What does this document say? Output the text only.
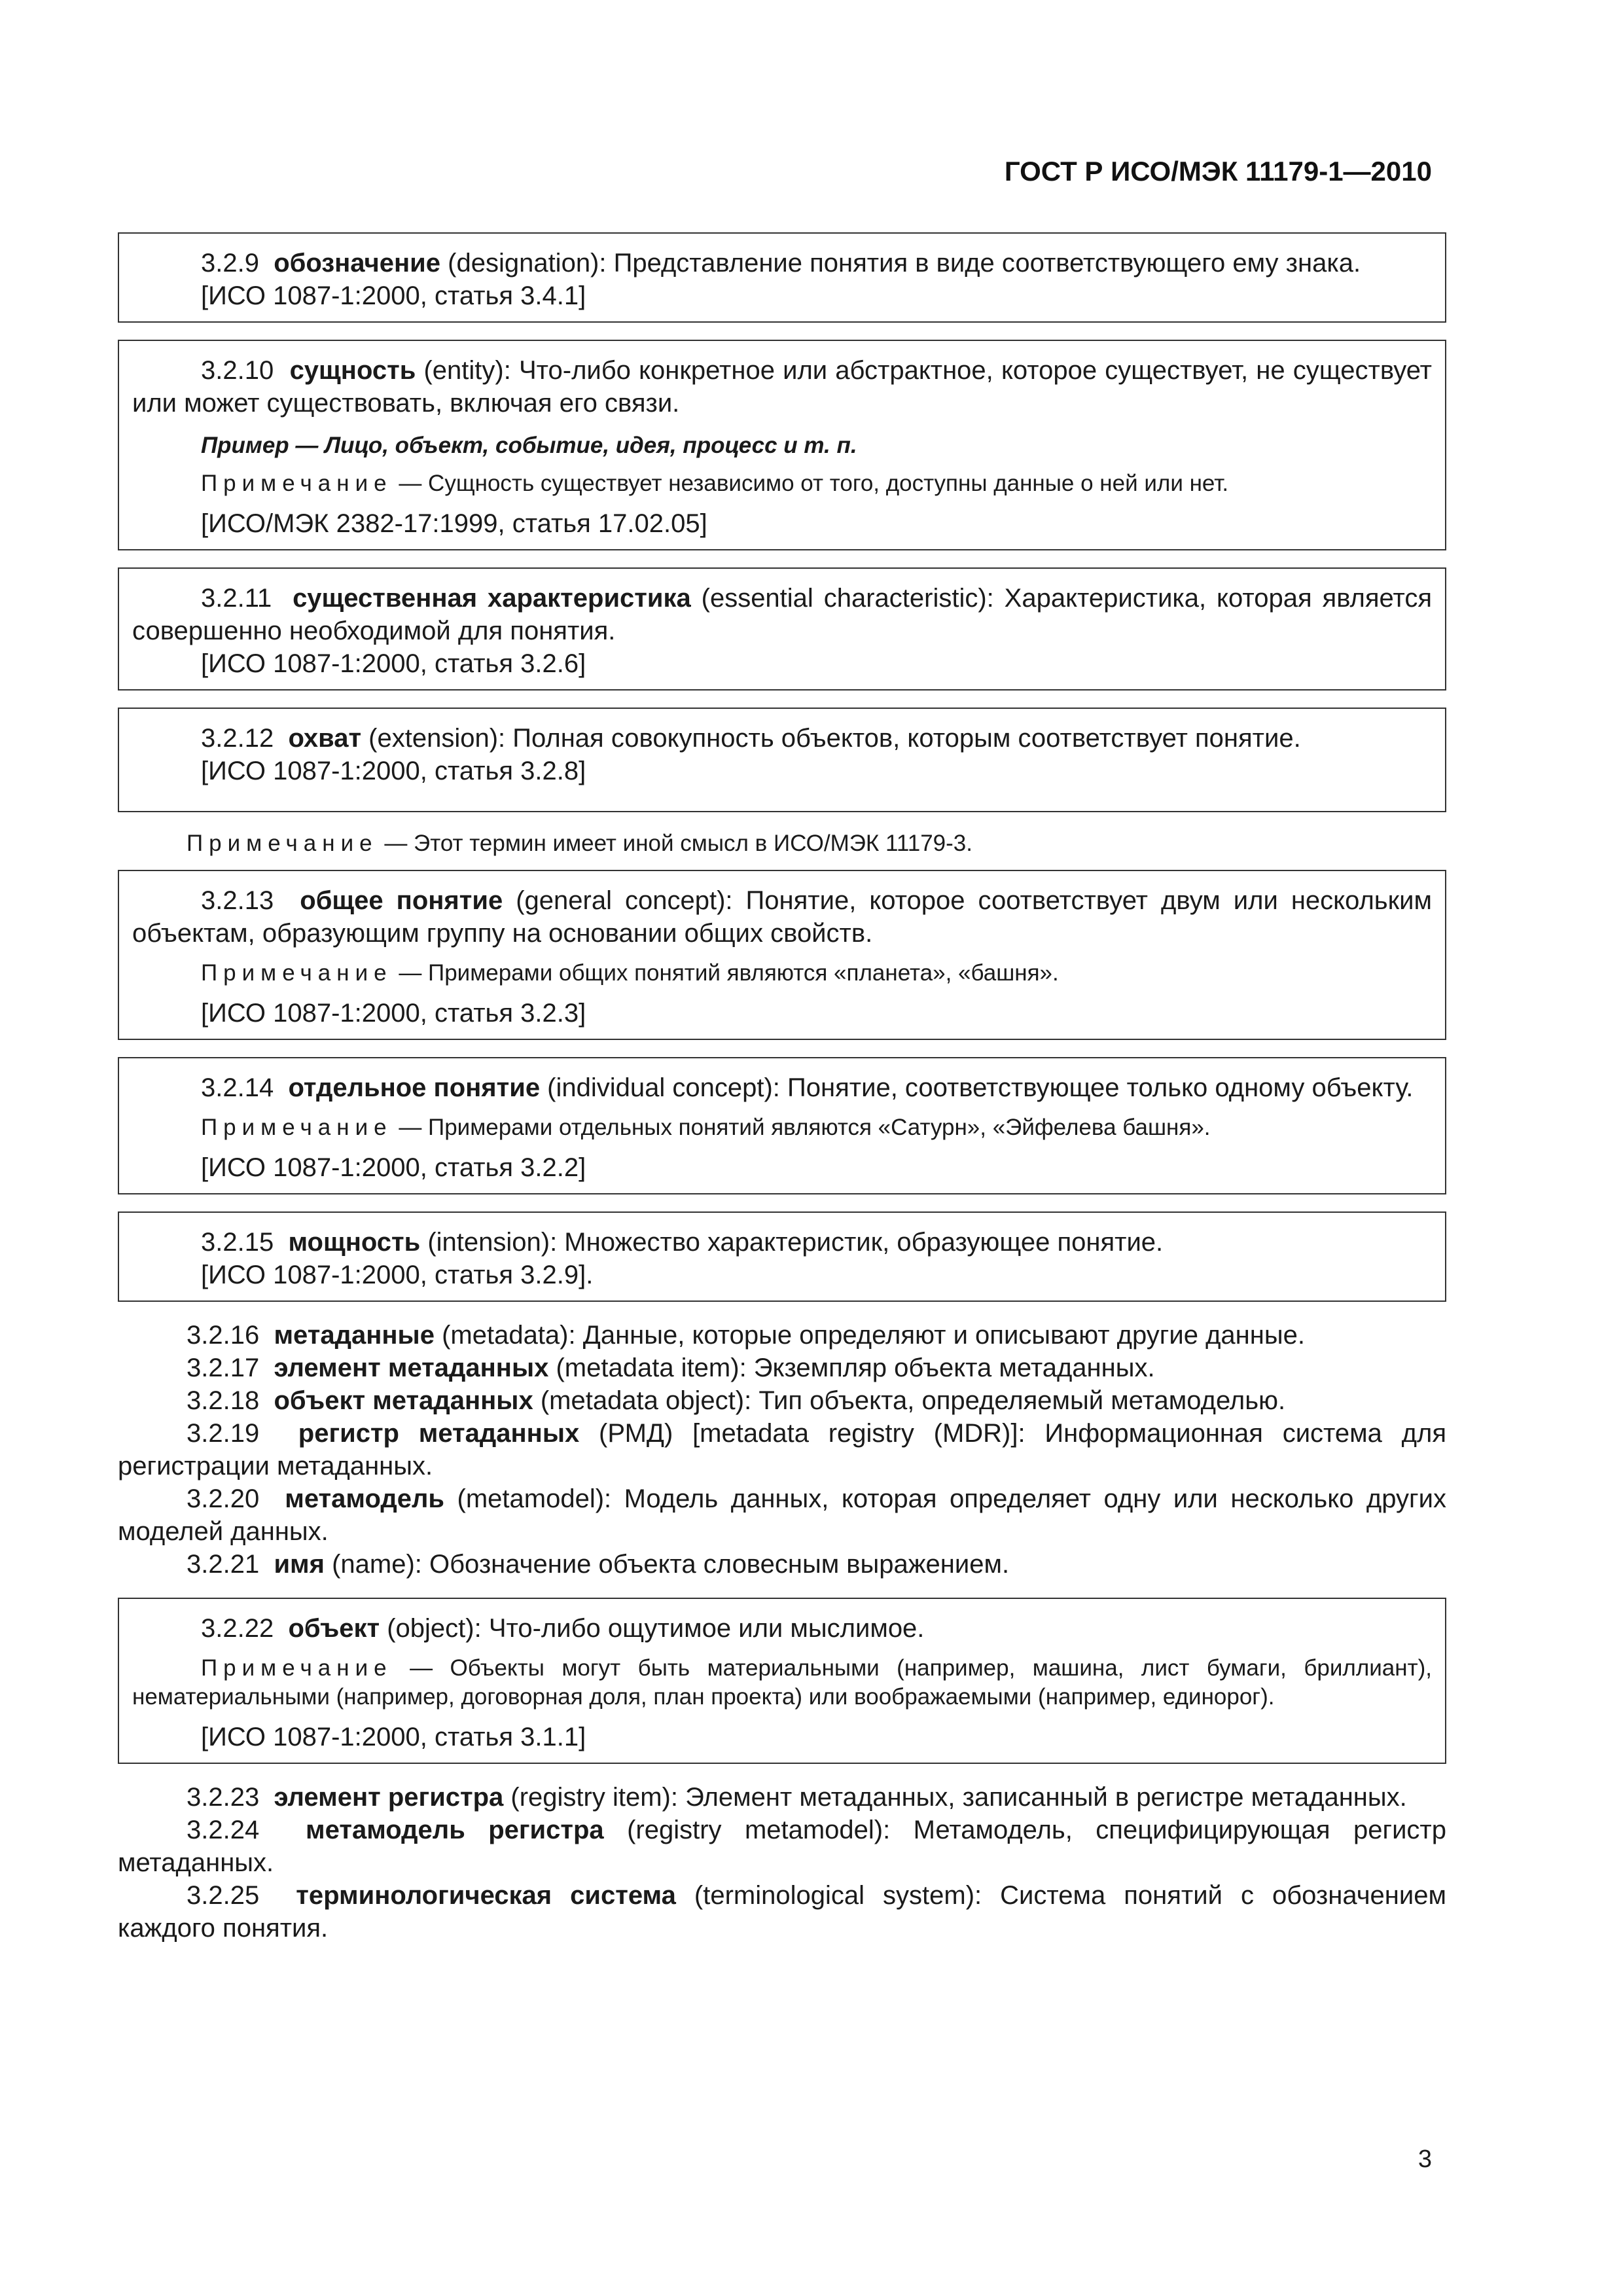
ГОСТ Р ИСО/МЭК 11179-1—2010

3.2.9 обозначение (designation): Представление понятия в виде соответствующего ему знака.

[ИСО 1087-1:2000, статья 3.4.1]

3.2.10 сущность (entity): Что-либо конкретное или абстрактное, которое существует, не существует или может существовать, включая его связи.

Пример — Лицо, объект, событие, идея, процесс и т. п.

Примечание — Сущность существует независимо от того, доступны данные о ней или нет.

[ИСО/МЭК 2382-17:1999, статья 17.02.05]

3.2.11 существенная характеристика (essential characteristic): Характеристика, которая является совершенно необходимой для понятия.

[ИСО 1087-1:2000, статья 3.2.6]

3.2.12 охват (extension): Полная совокупность объектов, которым соответствует понятие.

[ИСО 1087-1:2000, статья 3.2.8]

Примечание — Этот термин имеет иной смысл в ИСО/МЭК 11179-3.

3.2.13 общее понятие (general concept): Понятие, которое соответствует двум или нескольким объектам, образующим группу на основании общих свойств.

Примечание — Примерами общих понятий являются «планета», «башня».

[ИСО 1087-1:2000, статья 3.2.3]

3.2.14 отдельное понятие (individual concept): Понятие, соответствующее только одному объекту.

Примечание — Примерами отдельных понятий являются «Сатурн», «Эйфелева башня».

[ИСО 1087-1:2000, статья 3.2.2]

3.2.15 мощность (intension): Множество характеристик, образующее понятие.

[ИСО 1087-1:2000, статья 3.2.9].

3.2.16 метаданные (metadata): Данные, которые определяют и описывают другие данные.

3.2.17 элемент метаданных (metadata item): Экземпляр объекта метаданных.

3.2.18 объект метаданных (metadata object): Тип объекта, определяемый метамоделью.

3.2.19 регистр метаданных (РМД) [metadata registry (MDR)]: Информационная система для регистрации метаданных.

3.2.20 метамодель (metamodel): Модель данных, которая определяет одну или несколько других моделей данных.

3.2.21 имя (name): Обозначение объекта словесным выражением.

3.2.22 объект (object): Что-либо ощутимое или мыслимое.

Примечание — Объекты могут быть материальными (например, машина, лист бумаги, бриллиант), нематериальными (например, договорная доля, план проекта) или воображаемыми (например, единорог).

[ИСО 1087-1:2000, статья 3.1.1]

3.2.23 элемент регистра (registry item): Элемент метаданных, записанный в регистре метаданных.

3.2.24 метамодель регистра (registry metamodel): Метамодель, специфицирующая регистр метаданных.

3.2.25 терминологическая система (terminological system): Система понятий с обозначением каждого понятия.

3
